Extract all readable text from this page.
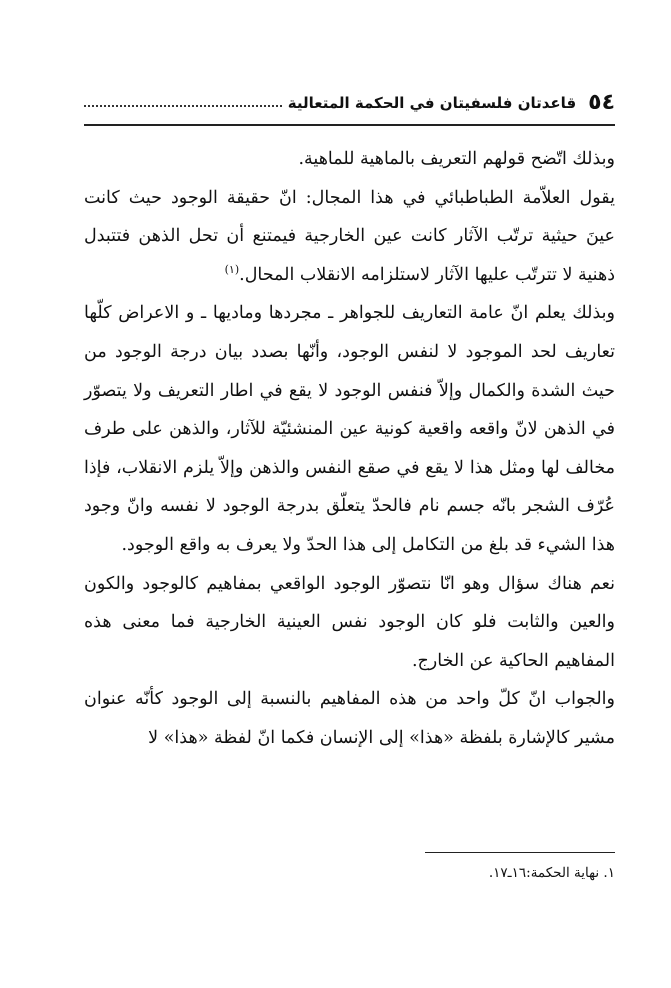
٥٤
قاعدتان فلسفيتان في الحكمة المتعالية

وبذلك اتّضح قولهم التعريف بالماهية للماهية.

يقول العلاّمة الطباطبائي في هذا المجال: انّ حقيقة الوجود حيث كانت عينَ حيثية ترتّب الآثار كانت عين الخارجية فيمتنع أن تحل الذهن فتتبدل ذهنية لا تترتّب عليها الآثار لاستلزامه الانقلاب المحال.$^{(١)}$

وبذلك يعلم انّ عامة التعاريف للجواهر ـ مجردها وماديها ـ و الاعراض كلّها تعاريف لحد الموجود لا لنفس الوجود، وأنّها بصدد بيان درجة الوجود من حيث الشدة والكمال وإلاّ فنفس الوجود لا يقع في اطار التعريف ولا يتصوّر في الذهن لانّ واقعه واقعية كونية عين المنشئيّة للآثار، والذهن على طرف مخالف لها ومثل هذا لا يقع في صقع النفس والذهن وإلاّ يلزم الانقلاب، فإذا عُرّف الشجر بانّه جسم نام فالحدّ يتعلّق بدرجة الوجود لا نفسه وانّ وجود هذا الشيء قد بلغ من التكامل إلى هذا الحدّ ولا يعرف به واقع الوجود.

نعم هناك سؤال وهو انّا نتصوّر الوجود الواقعي بمفاهيم كالوجود والكون والعين والثابت فلو كان الوجود نفس العينية الخارجية فما معنى هذه المفاهيم الحاكية عن الخارج.

والجواب انّ كلّ واحد من هذه المفاهيم بالنسبة إلى الوجود كأنّه عنوان مشير كالإشارة بلفظة «هذا» إلى الإنسان فكما انّ لفظة «هذا» لا

١. نهاية الحكمة:١٦ـ١٧.
